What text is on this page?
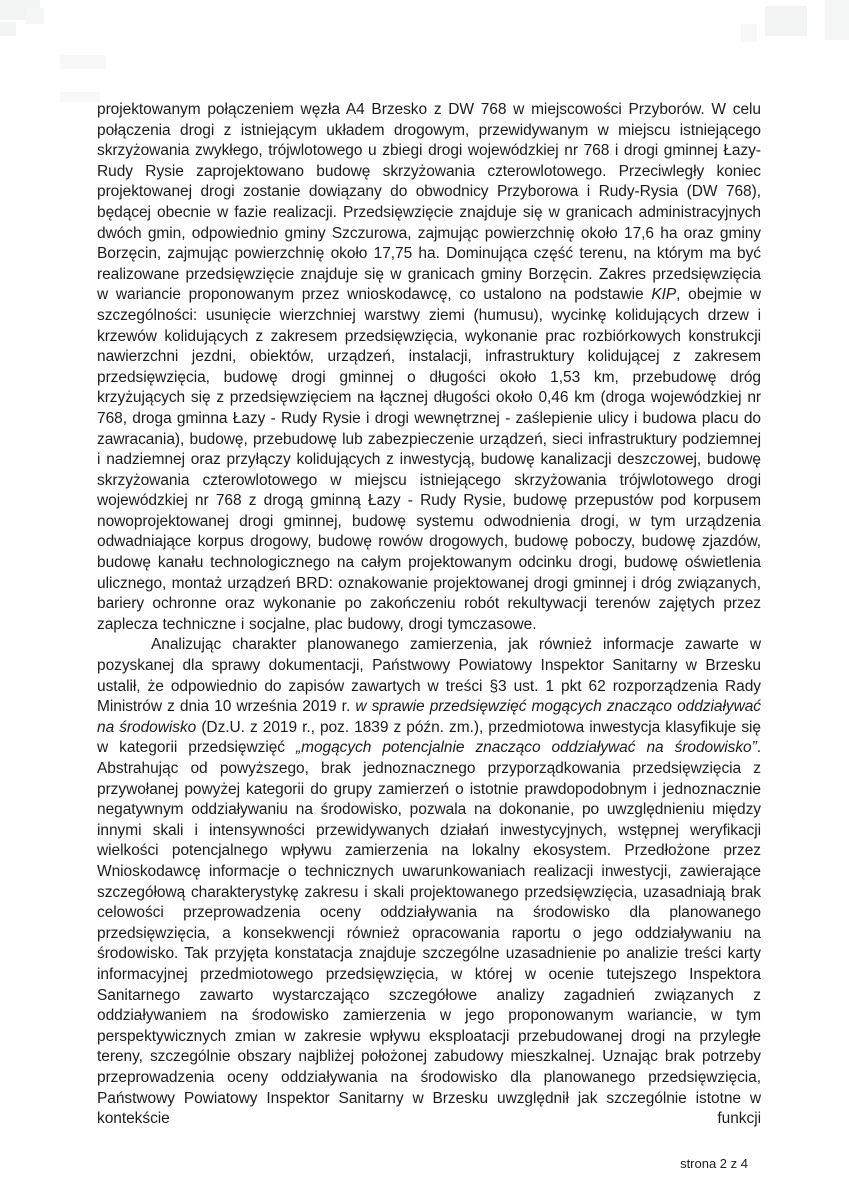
projektowanym połączeniem węzła A4 Brzesko z DW 768 w miejscowości Przyborów. W celu połączenia drogi z istniejącym układem drogowym, przewidywanym w miejscu istniejącego skrzyżowania zwykłego, trójwlotowego u zbiegi drogi wojewódzkiej nr 768 i drogi gminnej Łazy-Rudy Rysie zaprojektowano budowę skrzyżowania czterowlotowego. Przeciwległy koniec projektowanej drogi zostanie dowiązany do obwodnicy Przyborowa i Rudy-Rysia (DW 768), będącej obecnie w fazie realizacji. Przedsięwzięcie znajduje się w granicach administracyjnych dwóch gmin, odpowiednio gminy Szczurowa, zajmując powierzchnię około 17,6 ha oraz gminy Borzęcin, zajmując powierzchnię około 17,75 ha. Dominująca część terenu, na którym ma być realizowane przedsięwzięcie znajduje się w granicach gminy Borzęcin. Zakres przedsięwzięcia w wariancie proponowanym przez wnioskodawcę, co ustalono na podstawie KIP, obejmie w szczególności: usunięcie wierzchniej warstwy ziemi (humusu), wycinkę kolidujących drzew i krzewów kolidujących z zakresem przedsięwzięcia, wykonanie prac rozbiórkowych konstrukcji nawierzchni jezdni, obiektów, urządzeń, instalacji, infrastruktury kolidującej z zakresem przedsięwzięcia, budowę drogi gminnej o długości około 1,53 km, przebudowę dróg krzyżujących się z przedsięwzięciem na łącznej długości około 0,46 km (droga wojewódzkiej nr 768, droga gminna Łazy - Rudy Rysie i drogi wewnętrznej - zaślepienie ulicy i budowa placu do zawracania), budowę, przebudowę lub zabezpieczenie urządzeń, sieci infrastruktury podziemnej i nadziemnej oraz przyłączy kolidujących z inwestycją, budowę kanalizacji deszczowej, budowę skrzyżowania czterowlotowego w miejscu istniejącego skrzyżowania trójwlotowego drogi wojewódzkiej nr 768 z drogą gminną Łazy - Rudy Rysie, budowę przepustów pod korpusem nowoprojektowanej drogi gminnej, budowę systemu odwodnienia drogi, w tym urządzenia odwadniające korpus drogowy, budowę rowów drogowych, budowę poboczy, budowę zjazdów, budowę kanału technologicznego na całym projektowanym odcinku drogi, budowę oświetlenia ulicznego, montaż urządzeń BRD: oznakowanie projektowanej drogi gminnej i dróg związanych, bariery ochronne oraz wykonanie po zakończeniu robót rekultywacji terenów zajętych przez zaplecza techniczne i socjalne, plac budowy, drogi tymczasowe.

Analizując charakter planowanego zamierzenia, jak również informacje zawarte w pozyskanej dla sprawy dokumentacji, Państwowy Powiatowy Inspektor Sanitarny w Brzesku ustalił, że odpowiednio do zapisów zawartych w treści §3 ust. 1 pkt 62 rozporządzenia Rady Ministrów z dnia 10 września 2019 r. w sprawie przedsięwzięć mogących znacząco oddziaływać na środowisko (Dz.U. z 2019 r., poz. 1839 z późn. zm.), przedmiotowa inwestycja klasyfikuje się w kategorii przedsięwzięć „mogących potencjalnie znacząco oddziaływać na środowisko”. Abstrahując od powyższego, brak jednoznacznego przyporządkowania przedsięwzięcia z przywołanej powyżej kategorii do grupy zamierzeń o istotnie prawdopodobnym i jednoznacznie negatywnym oddziaływaniu na środowisko, pozwala na dokonanie, po uwzględnieniu między innymi skali i intensywności przewidywanych działań inwestycyjnych, wstępnej weryfikacji wielkości potencjalnego wpływu zamierzenia na lokalny ekosystem. Przedłożone przez Wnioskodawcę informacje o technicznych uwarunkowaniach realizacji inwestycji, zawierające szczegółową charakterystykę zakresu i skali projektowanego przedsięwzięcia, uzasadniają brak celowości przeprowadzenia oceny oddziaływania na środowisko dla planowanego przedsięwzięcia, a konsekwencji również opracowania raportu o jego oddziaływaniu na środowisko. Tak przyjęta konstatacja znajduje szczególne uzasadnienie po analizie treści karty informacyjnej przedmiotowego przedsięwzięcia, w której w ocenie tutejszego Inspektora Sanitarnego zawarto wystarczająco szczegółowe analizy zagadnień związanych z oddziaływaniem na środowisko zamierzenia w jego proponowanym wariancie, w tym perspektywicznych zmian w zakresie wpływu eksploatacji przebudowanej drogi na przyległe tereny, szczególnie obszary najbliżej położonej zabudowy mieszkalnej. Uznając brak potrzeby przeprowadzenia oceny oddziaływania na środowisko dla planowanego przedsięwzięcia, Państwowy Powiatowy Inspektor Sanitarny w Brzesku uwzględnił jak szczególnie istotne w kontekście funkcji

strona 2 z 4
